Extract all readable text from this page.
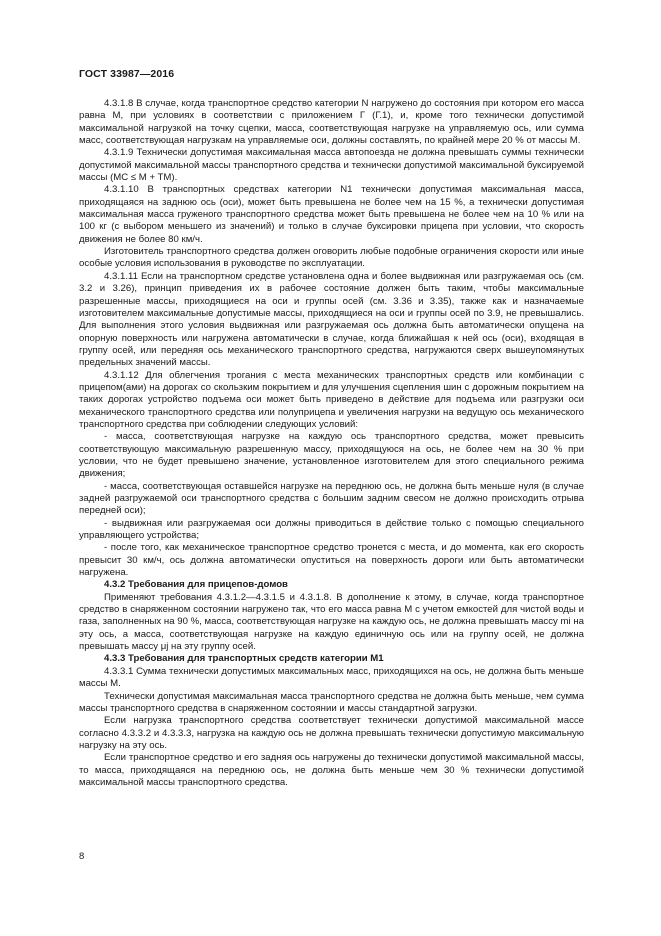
ГОСТ 33987—2016

4.3.1.8 В случае, когда транспортное средство категории N нагружено до состояния при котором его масса равна M, при условиях в соответствии с приложением Г (Г.1), и, кроме того технически допустимой максимальной нагрузкой на точку сцепки, масса, соответствующая нагрузке на управляемую ось, или сумма масс, соответствующая нагрузкам на управляемые оси, должны составлять, по крайней мере 20 % от массы M.

4.3.1.9 Технически допустимая максимальная масса автопоезда не должна превышать суммы технически допустимой максимальной массы транспортного средства и технически допустимой максимальной буксируемой массы (MC ≤ M + TM).

4.3.1.10 В транспортных средствах категории N1 технически допустимая максимальная масса, приходящаяся на заднюю ось (оси), может быть превышена не более чем на 15 %, а технически допустимая максимальная масса груженого транспортного средства может быть превышена не более чем на 10 % или на 100 кг (с выбором меньшего из значений) и только в случае буксировки прицепа при условии, что скорость движения не более 80 км/ч.

Изготовитель транспортного средства должен оговорить любые подобные ограничения скорости или иные особые условия использования в руководстве по эксплуатации.

4.3.1.11 Если на транспортном средстве установлена одна и более выдвижная или разгружаемая ось (см. 3.2 и 3.26), принцип приведения их в рабочее состояние должен быть таким, чтобы максимальные разрешенные массы, приходящиеся на оси и группы осей (см. 3.36 и 3.35), также как и назначаемые изготовителем максимальные допустимые массы, приходящиеся на оси и группы осей по 3.9, не превышались. Для выполнения этого условия выдвижная или разгружаемая ось должна быть автоматически опущена на опорную поверхность или нагружена автоматически в случае, когда ближайшая к ней ось (оси), входящая в группу осей, или передняя ось механического транспортного средства, нагружаются сверх вышеупомянутых предельных значений массы.

4.3.1.12 Для облегчения трогания с места механических транспортных средств или комбинации с прицепом(ами) на дорогах со скользким покрытием и для улучшения сцепления шин с дорожным покрытием на таких дорогах устройство подъема оси может быть приведено в действие для подъема или разгрузки оси механического транспортного средства или полуприцепа и увеличения нагрузки на ведущую ось механического транспортного средства при соблюдении следующих условий:

- масса, соответствующая нагрузке на каждую ось транспортного средства, может превысить соответствующую максимальную разрешенную массу, приходящуюся на ось, не более чем на 30 % при условии, что не будет превышено значение, установленное изготовителем для этого специального режима движения;

- масса, соответствующая оставшейся нагрузке на переднюю ось, не должна быть меньше нуля (в случае задней разгружаемой оси транспортного средства с большим задним свесом не должно происходить отрыва передней оси);

- выдвижная или разгружаемая оси должны приводиться в действие только с помощью специального управляющего устройства;

- после того, как механическое транспортное средство тронется с места, и до момента, как его скорость превысит 30 км/ч, ось должна автоматически опуститься на поверхность дороги или быть автоматически нагружена.

4.3.2 Требования для прицепов-домов

Применяют требования 4.3.1.2—4.3.1.5 и 4.3.1.8. В дополнение к этому, в случае, когда транспортное средство в снаряженном состоянии нагружено так, что его масса равна M с учетом емкостей для чистой воды и газа, заполненных на 90 %, масса, соответствующая нагрузке на каждую ось, не должна превышать массу mi на эту ось, а масса, соответствующая нагрузке на каждую единичную ось или на группу осей, не должна превышать массу μj на эту группу осей.

4.3.3 Требования для транспортных средств категории M1

4.3.3.1 Сумма технически допустимых максимальных масс, приходящихся на ось, не должна быть меньше массы M.

Технически допустимая максимальная масса транспортного средства не должна быть меньше, чем сумма массы транспортного средства в снаряженном состоянии и массы стандартной загрузки.

Если нагрузка транспортного средства соответствует технически допустимой максимальной массе согласно 4.3.3.2 и 4.3.3.3, нагрузка на каждую ось не должна превышать технически допустимую максимальную нагрузку на эту ось.

Если транспортное средство и его задняя ось нагружены до технически допустимой максимальной массы, то масса, приходящаяся на переднюю ось, не должна быть меньше чем 30 % технически допустимой максимальной массы транспортного средства.

8
